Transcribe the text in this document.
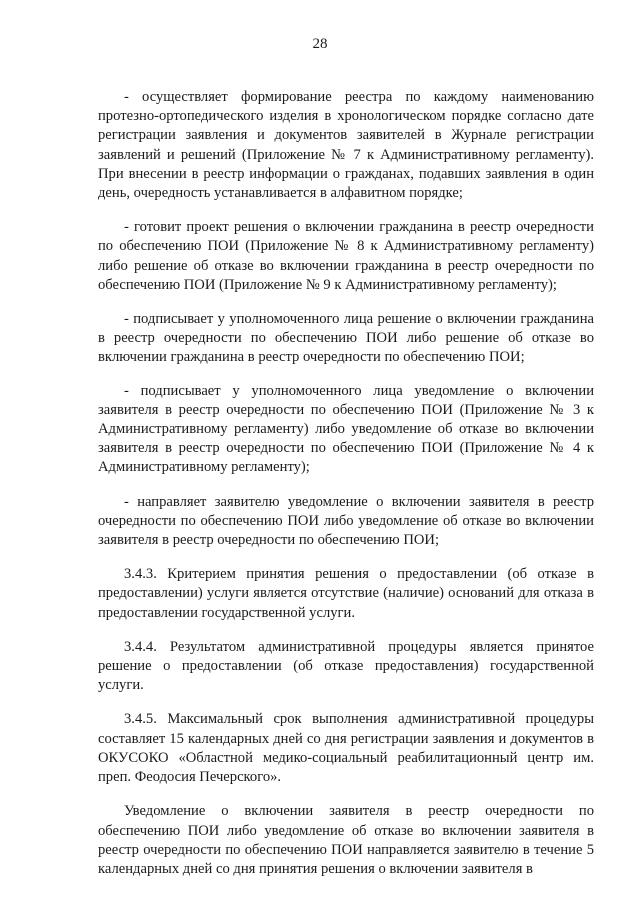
28

- осуществляет формирование реестра по каждому наименованию протезно-ортопедического изделия в хронологическом порядке согласно дате регистрации заявления и документов заявителей в Журнале регистрации заявлений и решений (Приложение № 7 к Административному регламенту). При внесении в реестр информации о гражданах, подавших заявления в один день, очередность устанавливается в алфавитном порядке;

- готовит проект решения о включении гражданина в реестр очередности по обеспечению ПОИ (Приложение № 8 к Административному регламенту) либо решение об отказе во включении гражданина в реестр очередности по обеспечению ПОИ (Приложение № 9 к Административному регламенту);

- подписывает у уполномоченного лица решение о включении гражданина в реестр очередности по обеспечению ПОИ либо решение об отказе во включении гражданина в реестр очередности по обеспечению ПОИ;

- подписывает у уполномоченного лица уведомление о включении заявителя в реестр очередности по обеспечению ПОИ (Приложение № 3 к Административному регламенту) либо уведомление об отказе во включении заявителя в реестр очередности по обеспечению ПОИ (Приложение № 4 к Административному регламенту);

- направляет заявителю уведомление о включении заявителя в реестр очередности по обеспечению ПОИ либо уведомление об отказе во включении заявителя в реестр очередности по обеспечению ПОИ;

3.4.3. Критерием принятия решения о предоставлении (об отказе в предоставлении) услуги является отсутствие (наличие) оснований для отказа в предоставлении государственной услуги.

3.4.4. Результатом административной процедуры является принятое решение о предоставлении (об отказе предоставления) государственной услуги.

3.4.5. Максимальный срок выполнения административной процедуры составляет 15 календарных дней со дня регистрации заявления и документов в ОКУСОКО «Областной медико-социальный реабилитационный центр им. преп. Феодосия Печерского».

Уведомление о включении заявителя в реестр очередности по обеспечению ПОИ либо уведомление об отказе во включении заявителя в реестр очередности по обеспечению ПОИ направляется заявителю в течение 5 календарных дней со дня принятия решения о включении заявителя в
